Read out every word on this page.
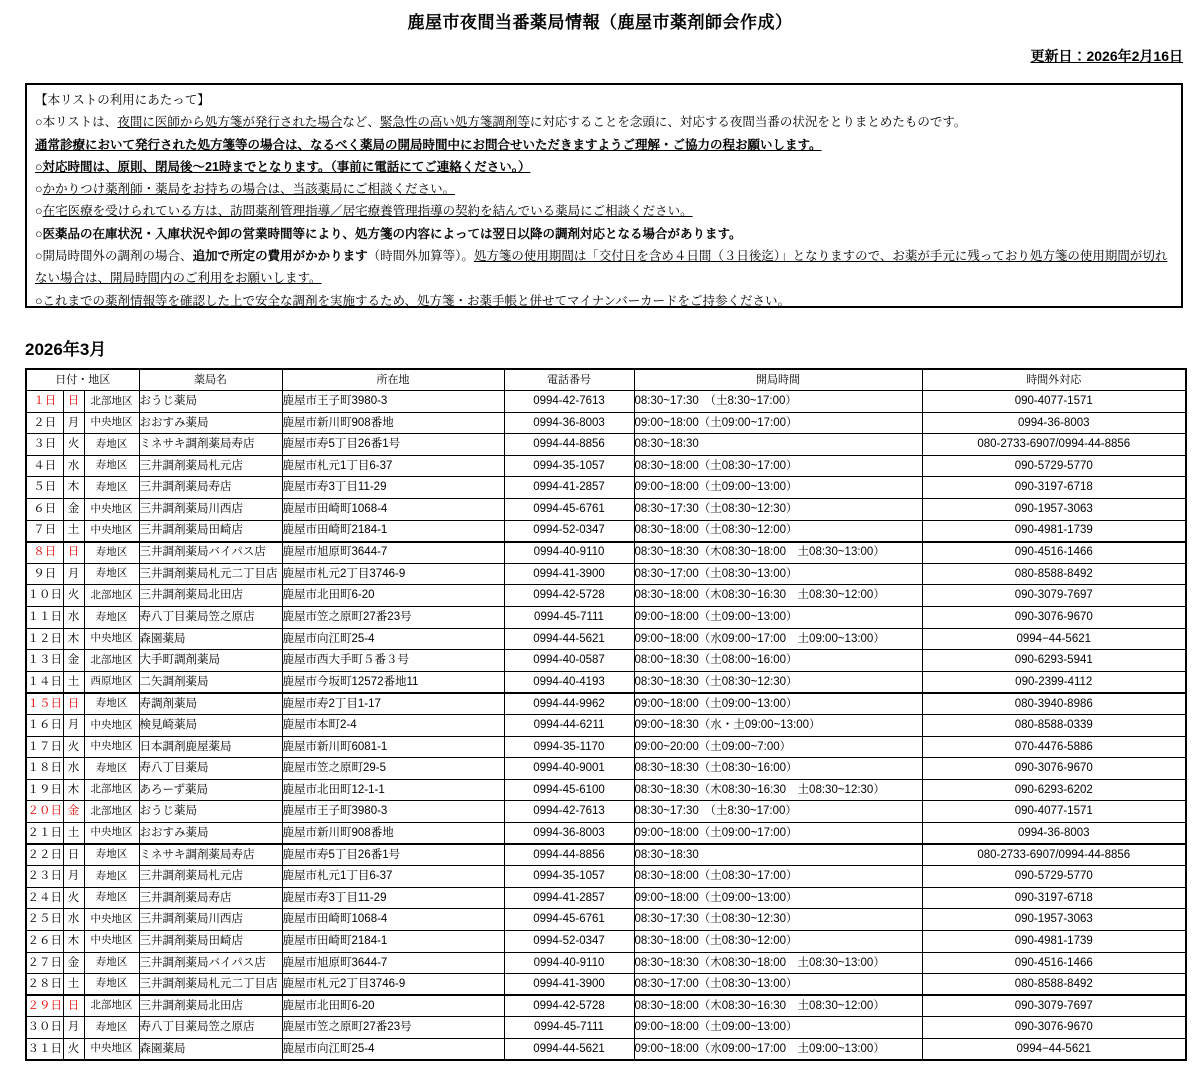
鹿屋市夜間当番薬局情報（鹿屋市薬剤師会作成）
更新日：2026年2月16日
【本リストの利用にあたって】
○本リストは、夜間に医師から処方箋が発行された場合など、緊急性の高い処方箋調剤等に対応することを念頭に、対応する夜間当番の状況をとりまとめたものです。
通常診療において発行された処方箋等の場合は、なるべく薬局の開局時間中にお問合せいただきますようご理解・ご協力の程お願いします。
○対応時間は、原則、閉局後～21時までとなります。（事前に電話にてご連絡ください。）
○かかりつけ薬剤師・薬局をお持ちの場合は、当該薬局にご相談ください。
○在宅医療を受けられている方は、訪問薬剤管理指導／居宅療養管理指導の契約を結んでいる薬局にご相談ください。
○医薬品の在庫状況・入庫状況や卸の営業時間等により、処方箋の内容によっては翌日以降の調剤対応となる場合があります。
○開局時間外の調剤の場合、追加で所定の費用がかかります（時間外加算等）。処方箋の使用期間は「交付日を含め４日間（３日後迄）」となりますので、お薬が手元に残っており処方箋の使用期間が切れない場合は、開局時間内のご利用をお願いします。
○これまでの薬剤情報等を確認した上で安全な調剤を実施するため、処方箋・お薬手帳と併せてマイナンバーカードをご持参ください。
2026年3月
日付・地区			薬局名	所在地	電話番号	開局時間	時間外対応
１日	日	北部地区	おうじ薬局	鹿屋市王子町3980-3	0994-42-7613	08:30~17:30　（土8:30~17:00）	090-4077-1571
２日	月	中央地区	おおすみ薬局	鹿屋市新川町908番地	0994-36-8003	09:00~18:00（土09:00~17:00）	0994-36-8003
３日	火	寿地区	ミネサキ調剤薬局寿店	鹿屋市寿5丁目26番1号	0994-44-8856	08:30~18:30	080-2733-6907/0994-44-8856
４日	水	寿地区	三井調剤薬局札元店	鹿屋市札元1丁目6-37	0994-35-1057	08:30~18:00（土08:30~17:00）	090-5729-5770
５日	木	寿地区	三井調剤薬局寿店	鹿屋市寿3丁目11-29	0994-41-2857	09:00~18:00（土09:00~13:00）	090-3197-6718
６日	金	中央地区	三井調剤薬局川西店	鹿屋市田崎町1068-4	0994-45-6761	08:30~17:30（土08:30~12:30）	090-1957-3063
７日	土	中央地区	三井調剤薬局田崎店	鹿屋市田崎町2184-1	0994-52-0347	08:30~18:00（土08:30~12:00）	090-4981-1739
８日	日	寿地区	三井調剤薬局バイパス店	鹿屋市旭原町3644-7	0994-40-9110	08:30~18:30（木08:30~18:00　土08:30~13:00）	090-4516-1466
９日	月	寿地区	三井調剤薬局札元二丁目店	鹿屋市札元2丁目3746-9	0994-41-3900	08:30~17:00（土08:30~13:00）	080-8588-8492
１０日	火	北部地区	三井調剤薬局北田店	鹿屋市北田町6-20	0994-42-5728	08:30~18:00（木08:30~16:30　土08:30~12:00）	090-3079-7697
１１日	水	寿地区	寿八丁目薬局笠之原店	鹿屋市笠之原町27番23号	0994-45-7111	09:00~18:00（土09:00~13:00）	090-3076-9670
１２日	木	中央地区	森園薬局	鹿屋市向江町25-4	0994-44-5621	09:00~18:00（水09:00~17:00　土09:00~13:00）	0994−44-5621
１３日	金	北部地区	大手町調剤薬局	鹿屋市西大手町５番３号	0994-40-0587	08:00~18:30（土08:00~16:00）	090-6293-5941
１４日	土	西原地区	二矢調剤薬局	鹿屋市今坂町12572番地11	0994-40-4193	08:30~18:30（土08:30~12:30）	090-2399-4112
１５日	日	寿地区	寿調剤薬局	鹿屋市寿2丁目1-17	0994-44-9962	09:00~18:00（土09:00~13:00）	080-3940-8986
１６日	月	中央地区	検見崎薬局	鹿屋市本町2-4	0994-44-6211	09:00~18:30（水・土09:00~13:00）	080-8588-0339
１７日	火	中央地区	日本調剤鹿屋薬局	鹿屋市新川町6081-1	0994-35-1170	09:00~20:00（土09:00~7:00）	070-4476-5886
１８日	水	寿地区	寿八丁目薬局	鹿屋市笠之原町29-5	0994-40-9001	08:30~18:30（土08:30~16:00）	090-3076-9670
１９日	木	北部地区	あろーず薬局	鹿屋市北田町12-1-1	0994-45-6100	08:30~18:30（木08:30~16:30　土08:30~12:30）	090-6293-6202
２０日	金	北部地区	おうじ薬局	鹿屋市王子町3980-3	0994-42-7613	08:30~17:30　（土8:30~17:00）	090-4077-1571
２１日	土	中央地区	おおすみ薬局	鹿屋市新川町908番地	0994-36-8003	09:00~18:00（土09:00~17:00）	0994-36-8003
２２日	日	寿地区	ミネサキ調剤薬局寿店	鹿屋市寿5丁目26番1号	0994-44-8856	08:30~18:30	080-2733-6907/0994-44-8856
２３日	月	寿地区	三井調剤薬局札元店	鹿屋市札元1丁目6-37	0994-35-1057	08:30~18:00（土08:30~17:00）	090-5729-5770
２４日	火	寿地区	三井調剤薬局寿店	鹿屋市寿3丁目11-29	0994-41-2857	09:00~18:00（土09:00~13:00）	090-3197-6718
２５日	水	中央地区	三井調剤薬局川西店	鹿屋市田崎町1068-4	0994-45-6761	08:30~17:30（土08:30~12:30）	090-1957-3063
２６日	木	中央地区	三井調剤薬局田崎店	鹿屋市田崎町2184-1	0994-52-0347	08:30~18:00（土08:30~12:00）	090-4981-1739
２７日	金	寿地区	三井調剤薬局バイパス店	鹿屋市旭原町3644-7	0994-40-9110	08:30~18:30（木08:30~18:00　土08:30~13:00）	090-4516-1466
２８日	土	寿地区	三井調剤薬局札元二丁目店	鹿屋市札元2丁目3746-9	0994-41-3900	08:30~17:00（土08:30~13:00）	080-8588-8492
２９日	日	北部地区	三井調剤薬局北田店	鹿屋市北田町6-20	0994-42-5728	08:30~18:00（木08:30~16:30　土08:30~12:00）	090-3079-7697
３０日	月	寿地区	寿八丁目薬局笠之原店	鹿屋市笠之原町27番23号	0994-45-7111	09:00~18:00（土09:00~13:00）	090-3076-9670
３１日	火	中央地区	森園薬局	鹿屋市向江町25-4	0994-44-5621	09:00~18:00（水09:00~17:00　土09:00~13:00）	0994−44-5621
